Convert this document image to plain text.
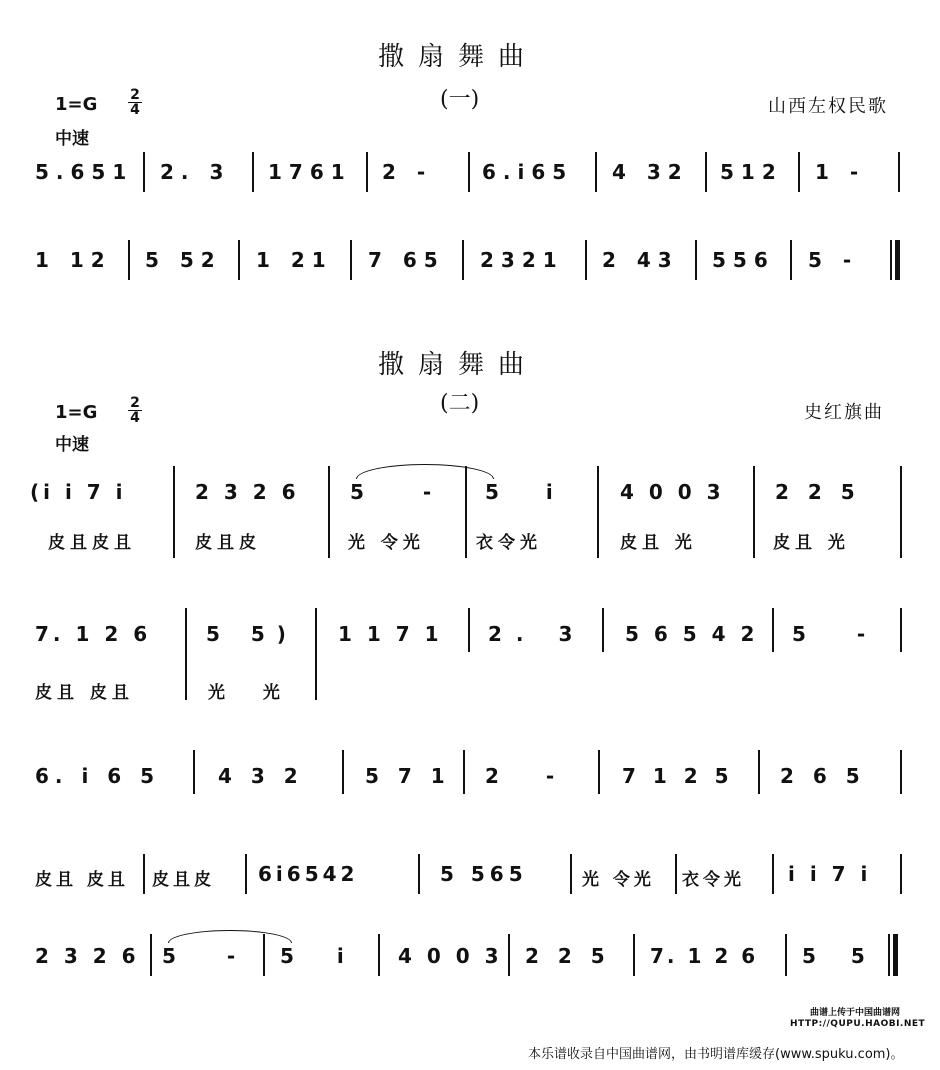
撒扇舞曲
(一)	山西左权民歌
1=G 2
4
中速
5.651 2. 3 1761 2 - 6.i65 4 32 512 1 -
1 12 5 52 1 21 7 65 2321 2 43 556 5 -
撒扇舞曲
(二)	史红旗曲
1=G 2
4
中速
(i i 7 i	2 3 2 6	5 - 5 i 4 0 0 3	2 2 5
皮且皮且	皮且皮	光 令光	衣令光	皮且 光	皮且 光
7. 1 2 6	5 5) 1 1 7 1 2. 3 5 6 5 4 2 5 -
皮且 皮且	光 光
6. i 6 5	4 3 2	5 7 1 2 - 7 1 2 5 2 6 5
皮且 皮且 皮且皮 6i6542	5 565	光 令光 衣令光 i i 7 i
2 3 2 6 5 - 5 i 4 0 0 3 2 2 5 7. 1 2 6 5 5
曲谱上传于中国曲谱网
HTTP://QUPU.HAOBI.NET
本乐谱收录自中国曲谱网，由书明谱库缓存(www.spuku.com)。
